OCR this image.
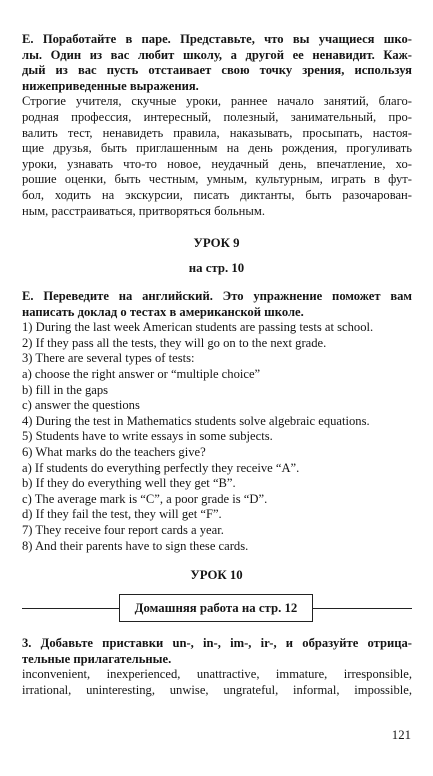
Е. Поработайте в паре. Представьте, что вы учащиеся шко-
лы. Один из вас любит школу, а другой ее ненавидит. Каж-
дый из вас пусть отстаивает свою точку зрения, используя
нижеприведенные выражения.
Строгие учителя, скучные уроки, раннее начало занятий, благо-
родная профессия, интересный, полезный, занимательный, про-
валить тест, ненавидеть правила, наказывать, просыпать, настоя-
щие друзья, быть приглашенным на день рождения, прогуливать
уроки, узнавать что-то новое, неудачный день, впечатление, хо-
рошие оценки, быть честным, умным, культурным, играть в фут-
бол, ходить на экскурсии, писать диктанты, быть разочарован-
ным, расстраиваться, притворяться больным.
УРОК 9
на стр. 10
Е. Переведите на английский. Это упражнение поможет вам
написать доклад о тестах в американской школе.
1) During the last week American students are passing tests at school.
2) If they pass all the tests, they will go on to the next grade.
3) There are several types of tests:
a) choose the right answer or “multiple choice”
b) fill in the gaps
c) answer the questions
4) During the test in Mathematics students solve algebraic equations.
5) Students have to write essays in some subjects.
6) What marks do the teachers give?
a) If students do everything perfectly they receive “A”.
b) If they do everything well they get “B”.
c) The average mark is “C”, a poor grade is “D”.
d) If they fail the test, they will get “F”.
7) They receive four report cards a year.
8) And their parents have to sign these cards.
УРОК 10
Домашняя работа на стр. 12
3. Добавьте приставки un-, in-, im-, ir-, и образуйте отрица-
тельные прилагательные.
inconvenient, inexperienced, unattractive, immature, irresponsible,
irrational, uninteresting, unwise, ungrateful, informal, impossible,
121
